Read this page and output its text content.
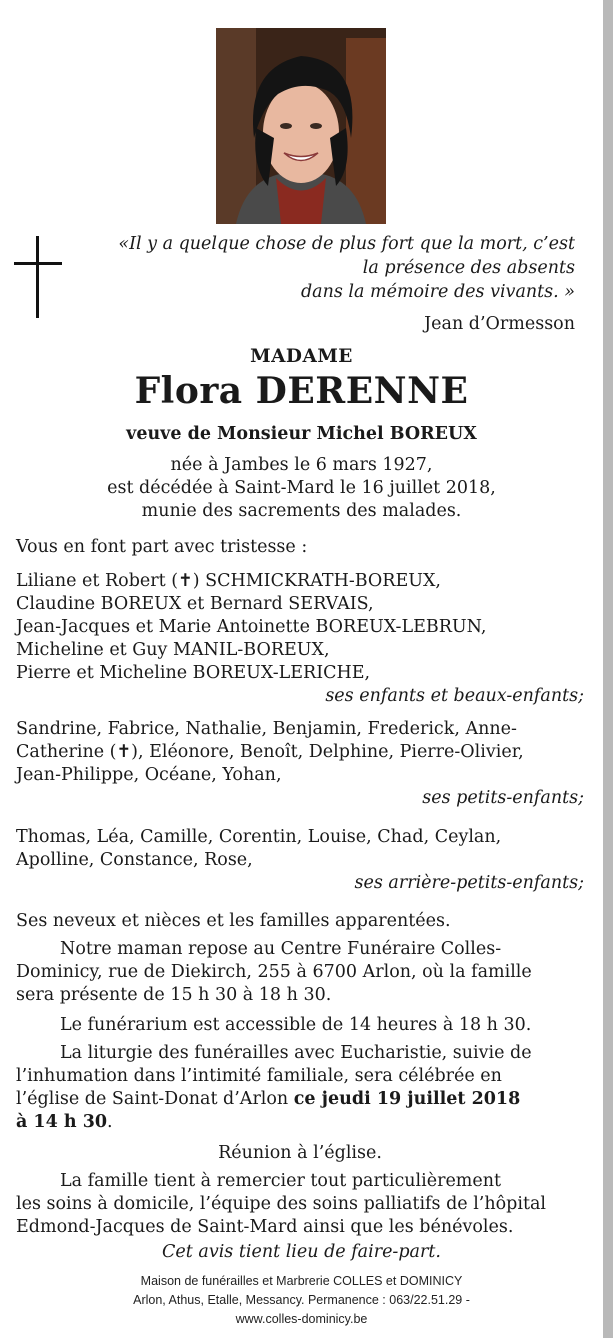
«Il y a quelque chose de plus fort que la mort, c’est
la présence des absents
dans la mémoire des vivants. »
Jean d’Ormesson
MADAME
Flora DERENNE
veuve de Monsieur Michel BOREUX
née à Jambes le 6 mars 1927,
est décédée à Saint-Mard le 16 juillet 2018,
munie des sacrements des malades.
Vous en font part avec tristesse :

Liliane et Robert (✝) SCHMICKRATH-BOREUX,

Claudine BOREUX et Bernard SERVAIS,

Jean-Jacques et Marie Antoinette BOREUX-LEBRUN,

Micheline et Guy MANIL-BOREUX,

Pierre et Micheline BOREUX-LERICHE,

ses enfants et beaux-enfants;

Sandrine, Fabrice, Nathalie, Benjamin, Frederick, Anne-

Catherine (✝), Eléonore, Benoît, Delphine, Pierre-Olivier,

Jean-Philippe, Océane, Yohan,

ses petits-enfants;

Thomas, Léa, Camille, Corentin, Louise, Chad, Ceylan,

Apolline, Constance, Rose,

ses arrière-petits-enfants;

Ses neveux et nièces et les familles apparentées.

Notre maman repose au Centre Funéraire Colles-

Dominicy, rue de Diekirch, 255 à 6700 Arlon, où la famille

sera présente de 15 h 30 à 18 h 30.

Le funérarium est accessible de 14 heures à 18 h 30.

La liturgie des funérailles avec Eucharistie, suivie de

l’inhumation dans l’intimité familiale, sera célébrée en

l’église de Saint-Donat d’Arlon ce jeudi 19 juillet 2018

à 14 h 30.

Réunion à l’église.

La famille tient à remercier tout particulièrement

les soins à domicile, l’équipe des soins palliatifs de l’hôpital

Edmond-Jacques de Saint-Mard ainsi que les bénévoles.

Cet avis tient lieu de faire-part.

Maison de funérailles et Marbrerie COLLES et DOMINICY

Arlon, Athus, Etalle, Messancy. Permanence : 063/22.51.29 -

www.colles-dominicy.be
